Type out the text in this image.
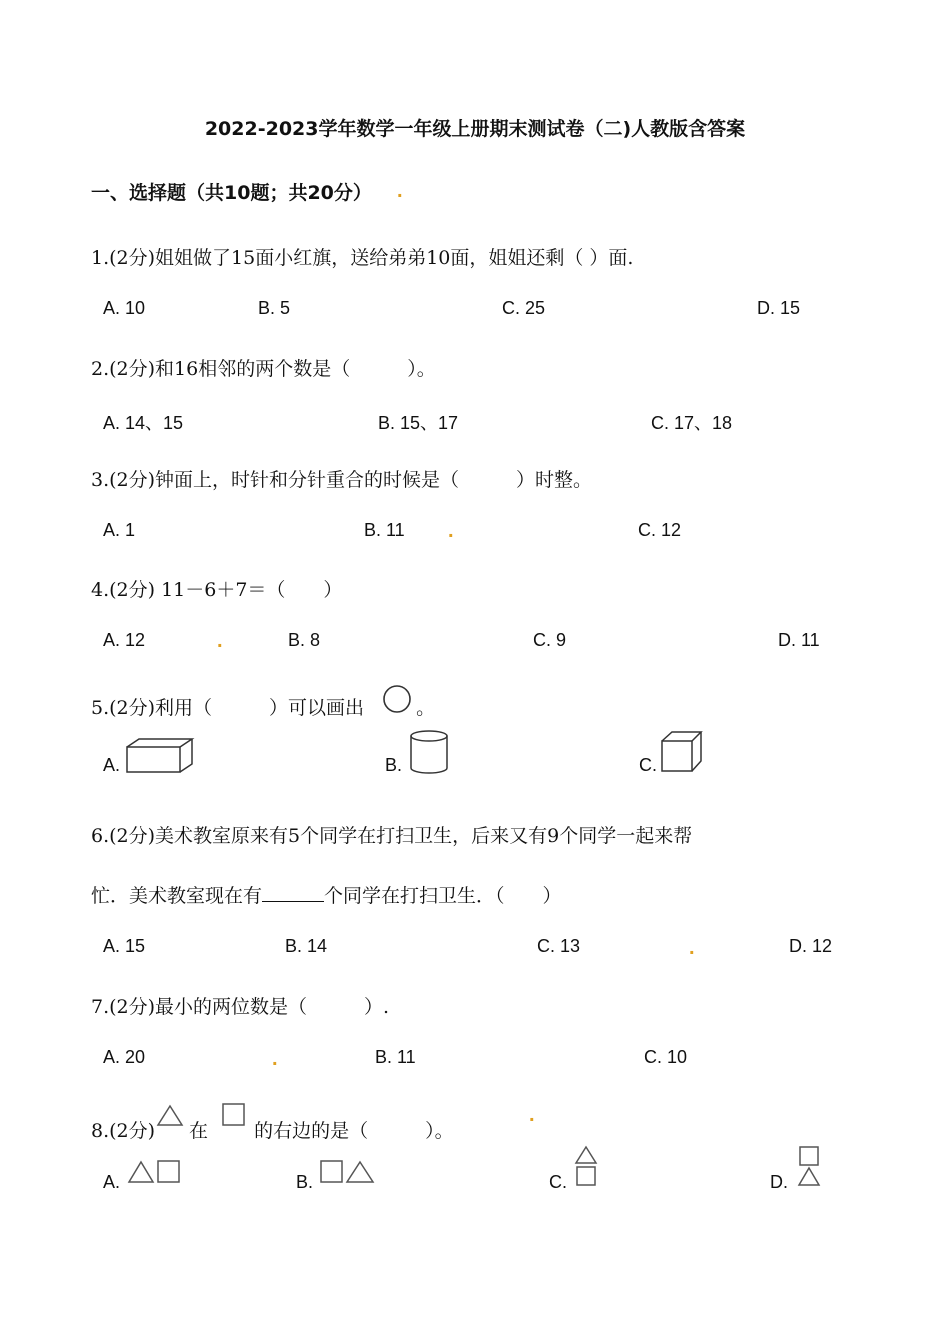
2022-2023学年数学一年级上册期末测试卷（二)人教版含答案
一、选择题（共10题；共20分） .
1.(2分)姐姐做了15面小红旗，送给弟弟10面，姐姐还剩（ ）面.
A. 10	B. 5	C. 25	D. 15
2.(2分)和16相邻的两个数是（　　　）。
A. 14、15	B. 15、17	C. 17、18
3.(2分)钟面上，时针和分针重合的时候是（　　　）时整。
A. 1	B. 11 .	C. 12
4.(2分) 11－6＋7＝（　　）
A. 12	.	B. 8	C. 9	D. 11
5.(2分)利用（　　　）可以画出	。
A.	B.	C.
6.(2分)美术教室原来有5个同学在打扫卫生，后来又有9个同学一起来帮
忙．美术教室现在有	个同学在打扫卫生．（　　）
A. 15	B. 14	C. 13	.	D. 12
7.(2分)最小的两位数是（　　　）.
A. 20	.	B. 11	C. 10
8.(2分) 在 的右边的是（　　　）。
.
A.	B.	C.	D.
